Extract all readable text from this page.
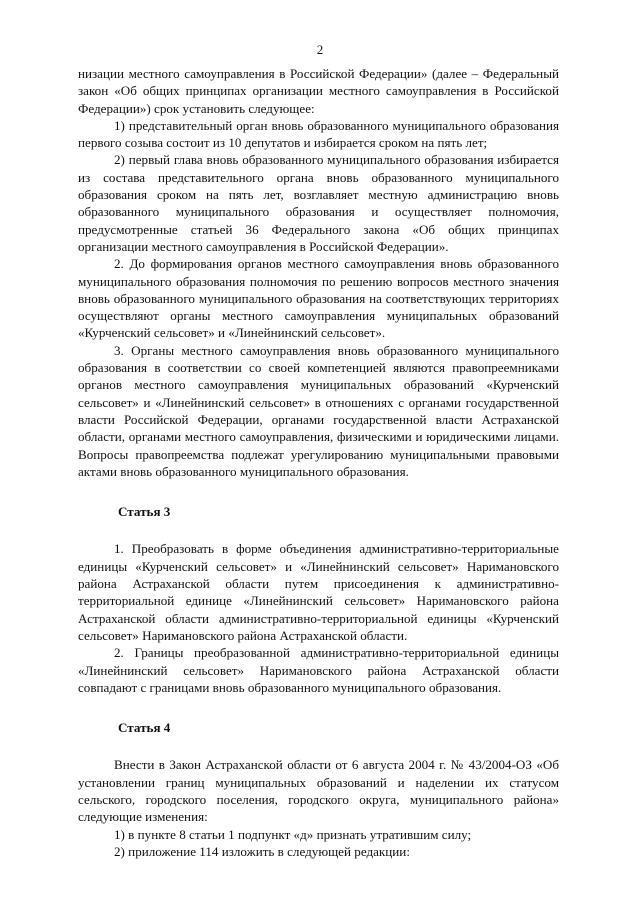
2

низации местного самоуправления в Российской Федерации» (далее – Федеральный закон «Об общих принципах организации местного самоуправления в Российской Федерации») срок установить следующее:

1) представительный орган вновь образованного муниципального образования первого созыва состоит из 10 депутатов и избирается сроком на пять лет;

2) первый глава вновь образованного муниципального образования избирается из состава представительного органа вновь образованного муниципального образования сроком на пять лет, возглавляет местную администрацию вновь образованного муниципального образования и осуществляет полномочия, предусмотренные статьей 36 Федерального закона «Об общих принципах организации местного самоуправления в Российской Федерации».

2. До формирования органов местного самоуправления вновь образованного муниципального образования полномочия по решению вопросов местного значения вновь образованного муниципального образования на соответствующих территориях осуществляют органы местного самоуправления муниципальных образований «Курченский сельсовет» и «Линейнинский сельсовет».

3. Органы местного самоуправления вновь образованного муниципального образования в соответствии со своей компетенцией являются правопреемниками органов местного самоуправления муниципальных образований «Курченский сельсовет» и «Линейнинский сельсовет» в отношениях с органами государственной власти Российской Федерации, органами государственной власти Астраханской области, органами местного самоуправления, физическими и юридическими лицами. Вопросы правопреемства подлежат урегулированию муниципальными правовыми актами вновь образованного муниципального образования.

Статья 3

1. Преобразовать в форме объединения административно-территориальные единицы «Курченский сельсовет» и «Линейнинский сельсовет» Наримановского района Астраханской области путем присоединения к административно-территориальной единице «Линейнинский сельсовет» Наримановского района Астраханской области административно-территориальной единицы «Курченский сельсовет» Наримановского района Астраханской области.

2. Границы преобразованной административно-территориальной единицы «Линейнинский сельсовет» Наримановского района Астраханской области совпадают с границами вновь образованного муниципального образования.

Статья 4

Внести в Закон Астраханской области от 6 августа 2004 г. № 43/2004-ОЗ «Об установлении границ муниципальных образований и наделении их статусом сельского, городского поселения, городского округа, муниципального района» следующие изменения:

1) в пункте 8 статьи 1 подпункт «д» признать утратившим силу;

2) приложение 114 изложить в следующей редакции:
